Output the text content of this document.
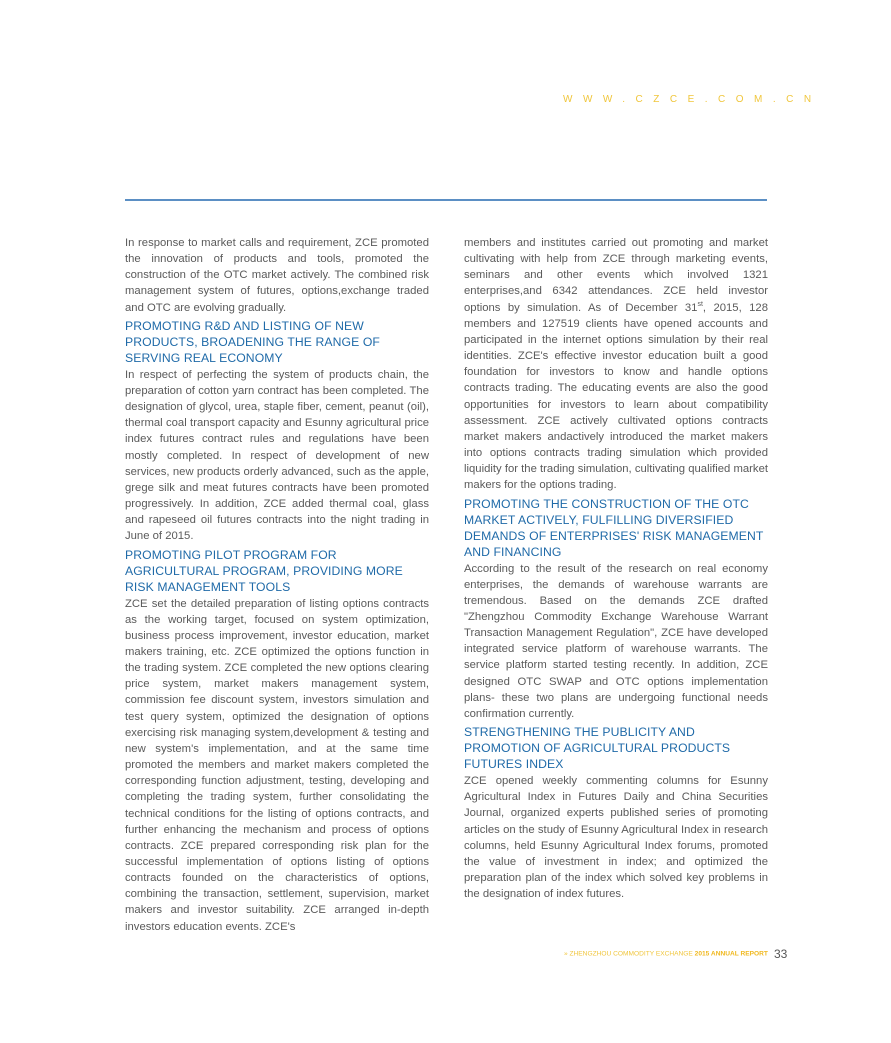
WWW.CZCE.COM.CN

In response to market calls and requirement, ZCE promoted the innovation of products and tools, promoted the construction of the OTC market actively. The combined risk management system of futures, options,exchange traded and OTC are evolving gradually.

PROMOTING R&D AND LISTING OF NEW PRODUCTS, BROADENING THE RANGE OF SERVING REAL ECONOMY

In respect of perfecting the system of products chain, the preparation of cotton yarn contract has been completed. The designation of glycol, urea, staple fiber, cement, peanut (oil), thermal coal transport capacity and Esunny agricultural price index futures contract rules and regulations have been mostly completed. In respect of development of new services, new products orderly advanced, such as the apple, grege silk and meat futures contracts have been promoted progressively. In addition, ZCE added thermal coal, glass and rapeseed oil futures contracts into the night trading in June of 2015.

PROMOTING PILOT PROGRAM FOR AGRICULTURAL PROGRAM, PROVIDING MORE RISK MANAGEMENT TOOLS

ZCE set the detailed preparation of listing options contracts as the working target, focused on system optimization, business process improvement, investor education, market makers training, etc. ZCE optimized the options function in the trading system. ZCE completed the new options clearing price system, market makers management system, commission fee discount system, investors simulation and test query system, optimized the designation of options exercising risk managing system,development & testing and new system's implementation, and at the same time promoted the members and market makers completed the corresponding function adjustment, testing, developing and completing the trading system, further consolidating the technical conditions for the listing of options contracts, and further enhancing the mechanism and process of options contracts. ZCE prepared corresponding risk plan for the successful implementation of options listing of options contracts founded on the characteristics of options, combining the transaction, settlement, supervision, market makers and investor suitability. ZCE arranged in-depth investors education events. ZCE's

members and institutes carried out promoting and market cultivating with help from ZCE through marketing events, seminars and other events which involved 1321 enterprises,and 6342 attendances. ZCE held investor options by simulation. As of December 31st, 2015, 128 members and 127519 clients have opened accounts and participated in the internet options simulation by their real identities. ZCE's effective investor education built a good foundation for investors to know and handle options contracts trading. The educating events are also the good opportunities for investors to learn about compatibility assessment. ZCE actively cultivated options contracts market makers andactively introduced the market makers into options contracts trading simulation which provided liquidity for the trading simulation, cultivating qualified market makers for the options trading.

PROMOTING THE CONSTRUCTION OF THE OTC MARKET ACTIVELY, FULFILLING DIVERSIFIED DEMANDS OF ENTERPRISES' RISK MANAGEMENT AND FINANCING

According to the result of the research on real economy enterprises, the demands of warehouse warrants are tremendous. Based on the demands ZCE drafted "Zhengzhou Commodity Exchange Warehouse Warrant Transaction Management Regulation", ZCE have developed integrated service platform of warehouse warrants. The service platform started testing recently. In addition, ZCE designed OTC SWAP and OTC options implementation plans- these two plans are undergoing functional needs confirmation currently.

STRENGTHENING THE PUBLICITY AND PROMOTION OF AGRICULTURAL PRODUCTS FUTURES INDEX

ZCE opened weekly commenting columns for Esunny Agricultural Index in Futures Daily and China Securities Journal, organized experts published series of promoting articles on the study of Esunny Agricultural Index in research columns, held Esunny Agricultural Index forums, promoted the value of investment in index; and optimized the preparation plan of the index which solved key problems in the designation of index futures.

» ZHENGZHOU COMMODITY EXCHANGE 2015 ANNUAL REPORT 33
